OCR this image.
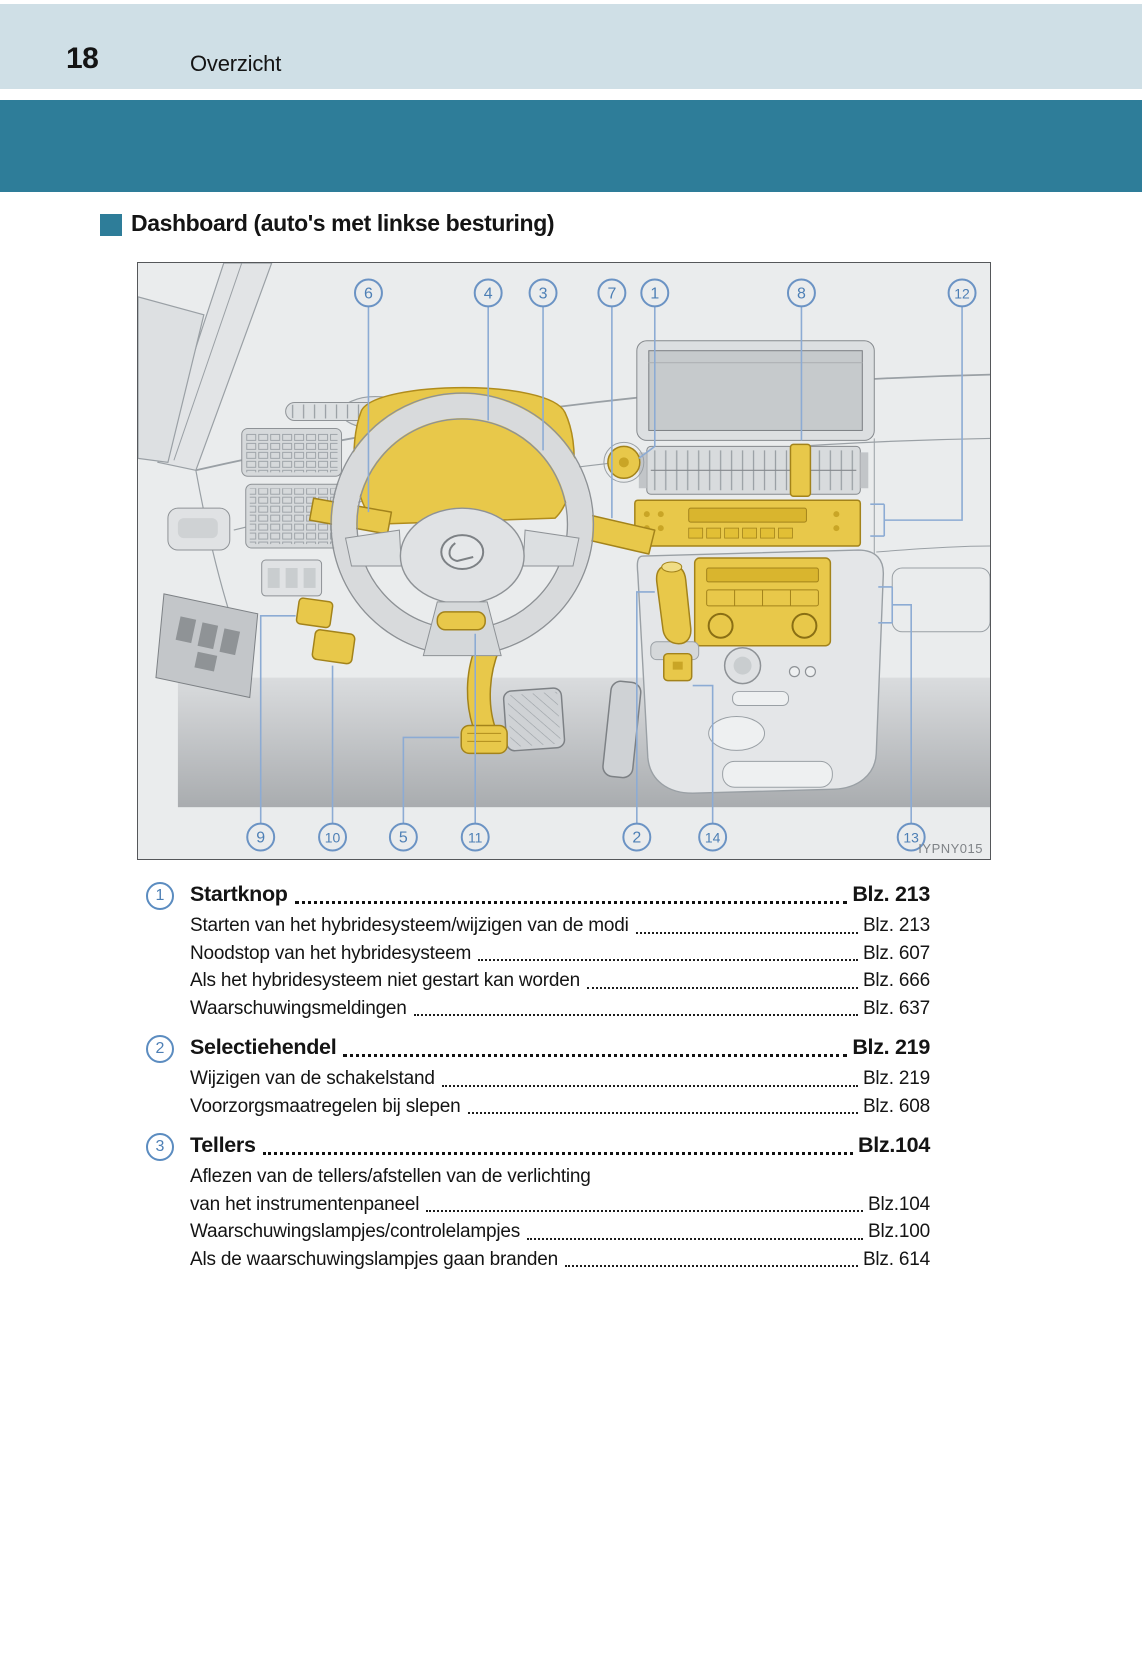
18	Overzicht
Dashboard (auto's met linkse besturing)
6	4	3	7 1	8	12
9	10	5	11	2	14	13
IYPNY015
1	Startknop	Blz. 213
Starten van het hybridesysteem/wijzigen van de modi	Blz. 213
Noodstop van het hybridesysteem	Blz. 607
Als het hybridesysteem niet gestart kan worden	Blz. 666
Waarschuwingsmeldingen	Blz. 637
2	Selectiehendel	Blz. 219
Wijzigen van de schakelstand	Blz. 219
Voorzorgsmaatregelen bij slepen	Blz. 608
3	Tellers	Blz.104
Aflezen van de tellers/afstellen van de verlichting
van het instrumentenpaneel	Blz.104
Waarschuwingslampjes/controlelampjes	Blz.100
Als de waarschuwingslampjes gaan branden	Blz. 614
